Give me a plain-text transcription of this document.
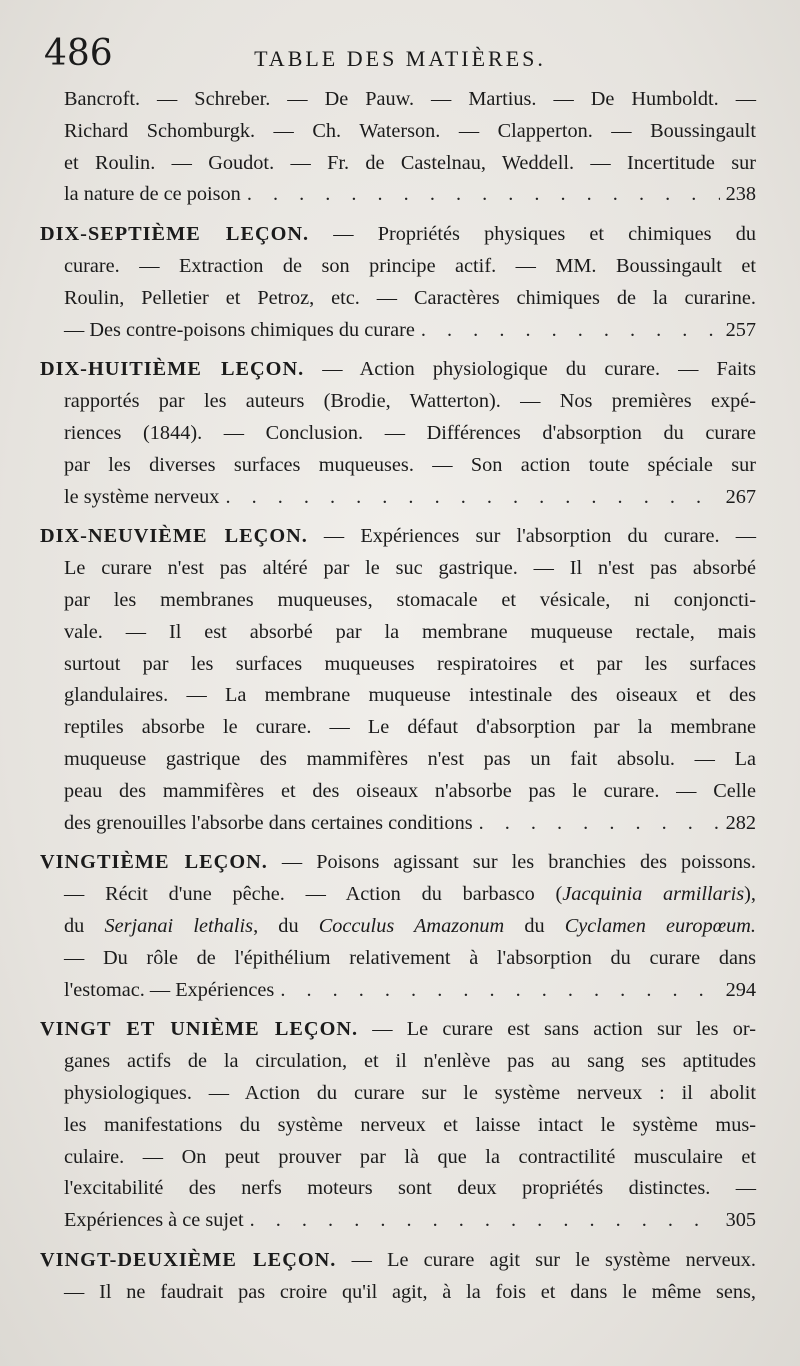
486	TABLE DES MATIÈRES.
Bancroft. — Schreber. — De Pauw. — Martius. — De Humboldt. —
Richard Schomburgk. — Ch. Waterson. — Clapperton. — Boussingault
et Roulin. — Goudot. — Fr. de Castelnau, Weddell. — Incertitude sur
la nature de ce poison . . .	238
DIX-SEPTIÈME LEÇON. — Propriétés physiques et chimiques du
curare. — Extraction de son principe actif. — MM. Boussingault et
Roulin, Pelletier et Petroz, etc. — Caractères chimiques de la curarine.
— Des contre-poisons chimiques du curare . . .	257
DIX-HUITIÈME LEÇON. — Action physiologique du curare. — Faits
rapportés par les auteurs (Brodie, Watterton). — Nos premières expé-
riences (1844). — Conclusion. — Différences d'absorption du curare
par les diverses surfaces muqueuses. — Son action toute spéciale sur
le système nerveux . . .	267
DIX-NEUVIÈME LEÇON. — Expériences sur l'absorption du curare. —
Le curare n'est pas altéré par le suc gastrique. — Il n'est pas absorbé
par les membranes muqueuses, stomacale et vésicale, ni conjoncti-
vale. — Il est absorbé par la membrane muqueuse rectale, mais
surtout par les surfaces muqueuses respiratoires et par les surfaces
glandulaires. — La membrane muqueuse intestinale des oiseaux et des
reptiles absorbe le curare. — Le défaut d'absorption par la membrane
muqueuse gastrique des mammifères n'est pas un fait absolu. — La
peau des mammifères et des oiseaux n'absorbe pas le curare. — Celle
des grenouilles l'absorbe dans certaines conditions . . .	282
VINGTIÈME LEÇON. — Poisons agissant sur les branchies des poissons.
— Récit d'une pêche. — Action du barbasco (Jacquinia armillaris),
du Serjanai lethalis, du Cocculus Amazonum du Cyclamen europœum.
— Du rôle de l'épithélium relativement à l'absorption du curare dans
l'estomac. — Expériences . . .	294
VINGT ET UNIÈME LEÇON. — Le curare est sans action sur les or-
ganes actifs de la circulation, et il n'enlève pas au sang ses aptitudes
physiologiques. — Action du curare sur le système nerveux : il abolit
les manifestations du système nerveux et laisse intact le système mus-
culaire. — On peut prouver par là que la contractilité musculaire et
l'excitabilité des nerfs moteurs sont deux propriétés distinctes. —
Expériences à ce sujet . . .	305
VINGT-DEUXIÈME LEÇON. — Le curare agit sur le système nerveux.
— Il ne faudrait pas croire qu'il agit, à la fois et dans le même sens,
